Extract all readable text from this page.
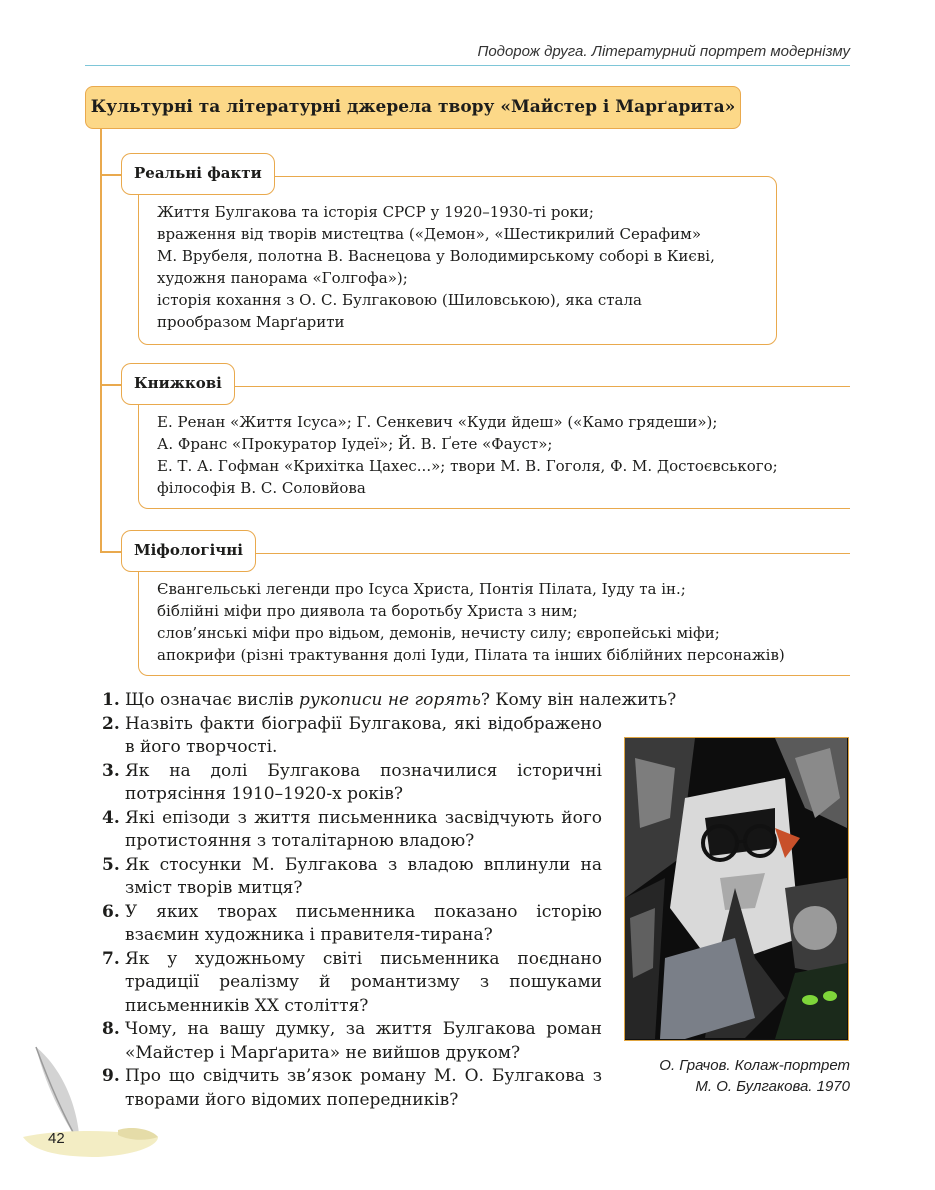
Подорож друга. Літературний портрет модернізму
Культурні та літературні джерела твору «Майстер і Марґарита»
Реальні факти
Життя Булгакова та історія СРСР у 1920–1930-ті роки;
враження від творів мистецтва («Демон», «Шестикрилий Серафим»
М. Врубеля, полотна В. Васнецова у Володимирському соборі в Києві,
художня панорама «Голгофа»);
історія кохання з О. С. Булгаковою (Шиловською), яка стала
прообразом Марґарити
Книжкові
Е. Ренан «Життя Ісуса»; Г. Сенкевич «Куди йдеш» («Камо грядеши»);
А. Франс «Прокуратор Іудеї»; Й. В. Ґете «Фауст»;
Е. Т. А. Гофман «Крихітка Цахес...»; твори М. В. Гоголя, Ф. М. Достоєвського;
філософія В. С. Соловйова
Міфологічні
Євангельські легенди про Ісуса Христа, Понтія Пілата, Іуду та ін.;
біблійні міфи про диявола та боротьбу Христа з ним;
слов’янські міфи про відьом, демонів, нечисту силу; європейські міфи;
апокрифи (різні трактування долі Іуди, Пілата та інших біблійних персонажів)
1. Що означає вислів рукописи не горять? Кому він належить?
2. Назвіть факти біографії Булгакова, які відображено в його творчості.
3. Як на долі Булгакова позначилися історичні потрясіння 1910–1920-х років?
4. Які епізоди з життя письменника засвідчують його протистояння з тоталітарною владою?
5. Як стосунки М. Булгакова з владою вплинули на зміст творів митця?
6. У яких творах письменника показано історію взаємин художника і правителя-тирана?
7. Як у художньому світі письменника поєднано традиції реалізму й романтизму з пошуками письменників ХХ століття?
8. Чому, на вашу думку, за життя Булгакова роман «Майстер і Марґарита» не вийшов друком?
9. Про що свідчить зв’язок роману М. О. Булгакова з творами його відомих попередників?
О. Грачов. Колаж-портрет
М. О. Булгакова. 1970
42
